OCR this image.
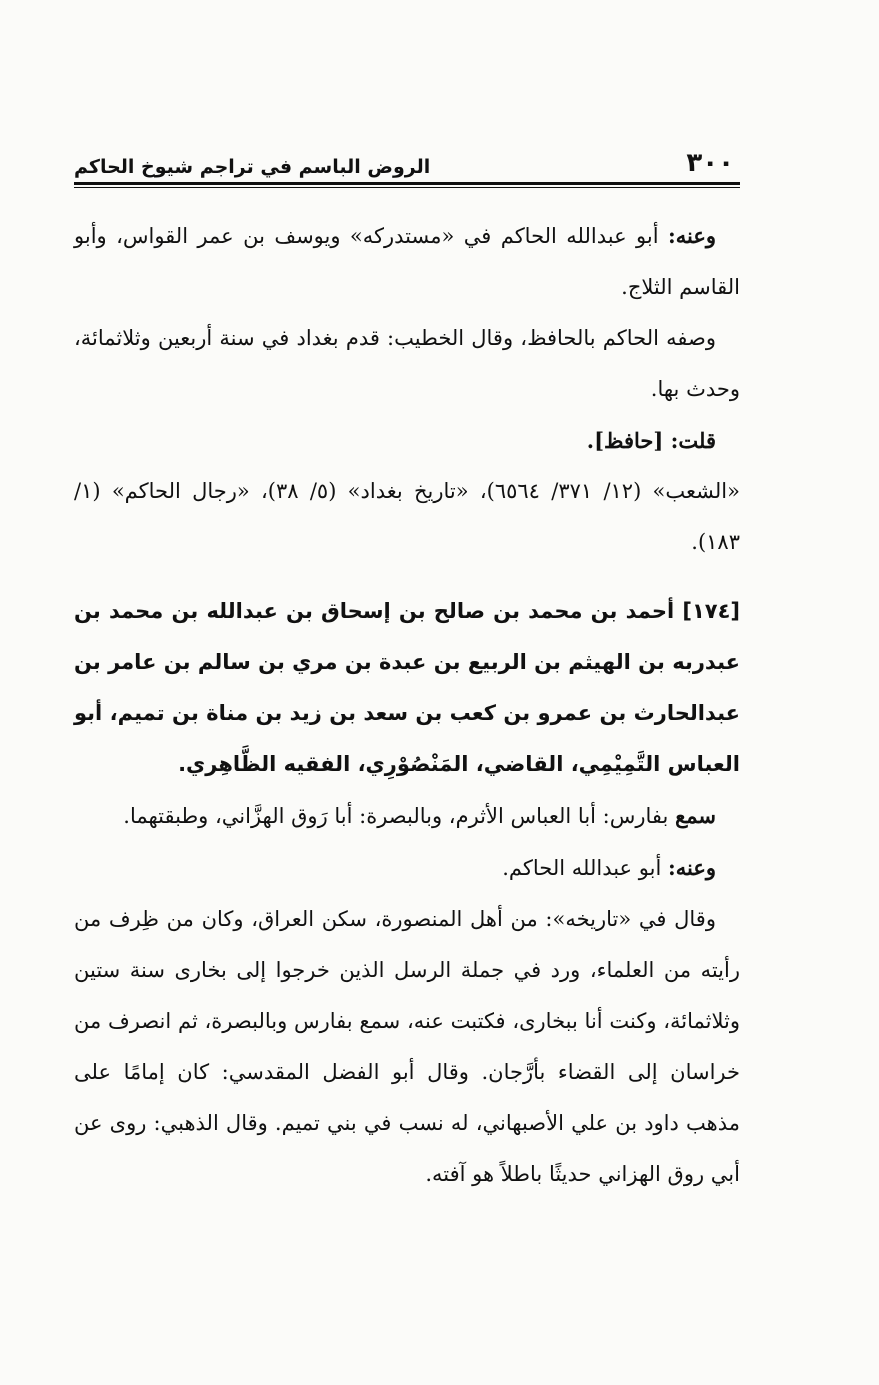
٣٠٠
الروض الباسم في تراجم شيوخ الحاكم

وعنه: أبو عبدالله الحاكم في «مستدركه» ويوسف بن عمر القواس، وأبو القاسم الثلاج.

وصفه الحاكم بالحافظ، وقال الخطيب: قدم بغداد في سنة أربعين وثلاثمائة، وحدث بها.

قلت: [حافظ].

«الشعب» (١٢/ ٣٧١/ ٦٥٦٤)، «تاريخ بغداد» (٥/ ٣٨)، «رجال الحاكم» (١/ ١٨٣).

[١٧٤] أحمد بن محمد بن صالح بن إسحاق بن عبدالله بن محمد بن عبدربه بن الهيثم بن الربيع بن عبدة بن مري بن سالم بن عامر بن عبدالحارث بن عمرو بن كعب بن سعد بن زيد بن مناة بن تميم، أبو العباس التَّمِيْمِي، القاضي، المَنْصُوْرِي، الفقيه الظَّاهِري.

سمع بفارس: أبا العباس الأثرم، وبالبصرة: أبا رَوق الهزَّاني، وطبقتهما.

وعنه: أبو عبدالله الحاكم.

وقال في «تاريخه»: من أهل المنصورة، سكن العراق، وكان من ظِرف من رأيته من العلماء، ورد في جملة الرسل الذين خرجوا إلى بخارى سنة ستين وثلاثمائة، وكنت أنا ببخارى، فكتبت عنه، سمع بفارس وبالبصرة، ثم انصرف من خراسان إلى القضاء بأرَّجان. وقال أبو الفضل المقدسي: كان إمامًا على مذهب داود بن علي الأصبهاني، له نسب في بني تميم. وقال الذهبي: روى عن أبي روق الهزاني حديثًا باطلاً هو آفته.
